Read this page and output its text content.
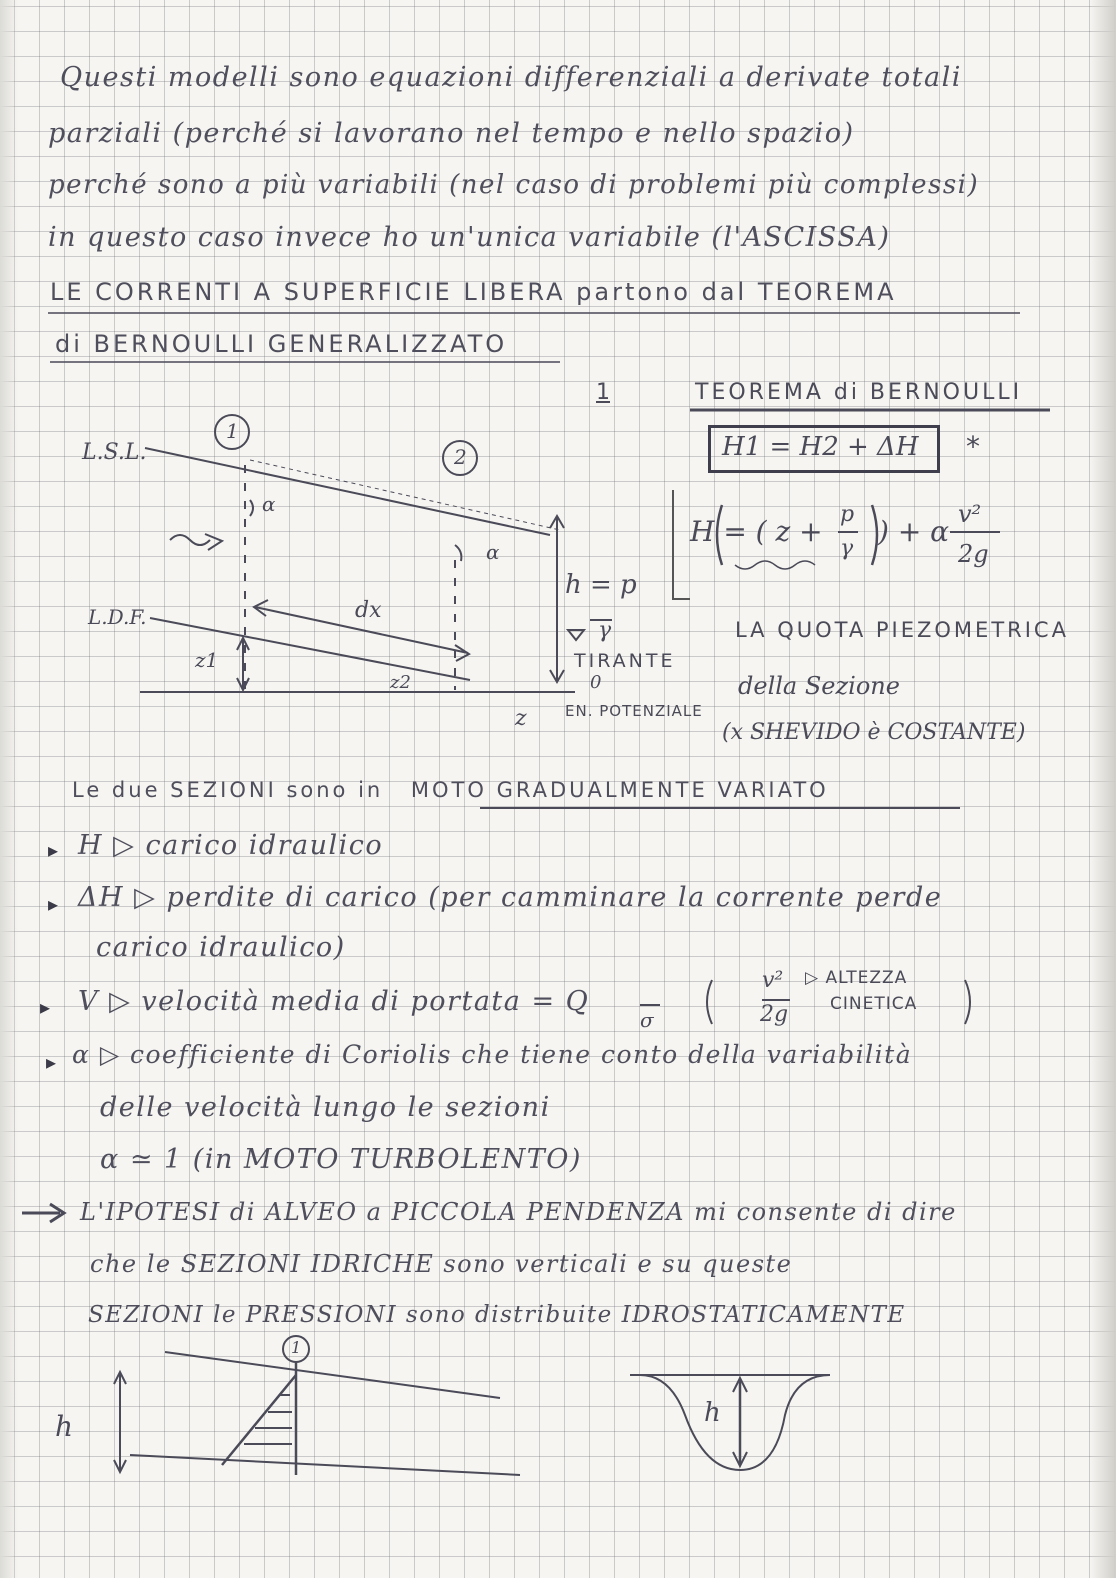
Questi modelli sono equazioni differenziali a derivate totali
parziali (perché si lavorano nel tempo e nello spazio)
perché sono a più variabili (nel caso di problemi più complessi)
in questo caso invece ho un'unica variabile (l'ASCISSA)
LE CORRENTI A SUPERFICIE LIBERA partono dal TEOREMA
di BERNOULLI GENERALIZZATO
1	TEOREMA di BERNOULLI
H1 = H2 + ΔH *
H = ( z +
p
γ
) + α
v²
2g
LA QUOTA PIEZOMETRICA
della Sezione
(x SHEVIDO è COSTANTE)
1
2
L.S.L.
L.D.F.
h = p
γ
dx
α
α
z1
z2
TIRANTE
0
z	EN. POTENZIALE
Le due SEZIONI sono in MOTO GRADUALMENTE VARIATO
▸ H ▷ carico idraulico
▸ ΔH ▷ perdite di carico (per camminare la corrente perde
carico idraulico)
▸ V ▷ velocità media di portata = Q
σ
v²
2g
▷ ALTEZZA
CINETICA
▸ α ▷ coefficiente di Coriolis che tiene conto della variabilità
delle velocità lungo le sezioni
α ≃ 1 (in MOTO TURBOLENTO)
L'IPOTESI di ALVEO a PICCOLA PENDENZA mi consente di dire
che le SEZIONI IDRICHE sono verticali e su queste
SEZIONI le PRESSIONI sono distribuite IDROSTATICAMENTE
1
h	h
